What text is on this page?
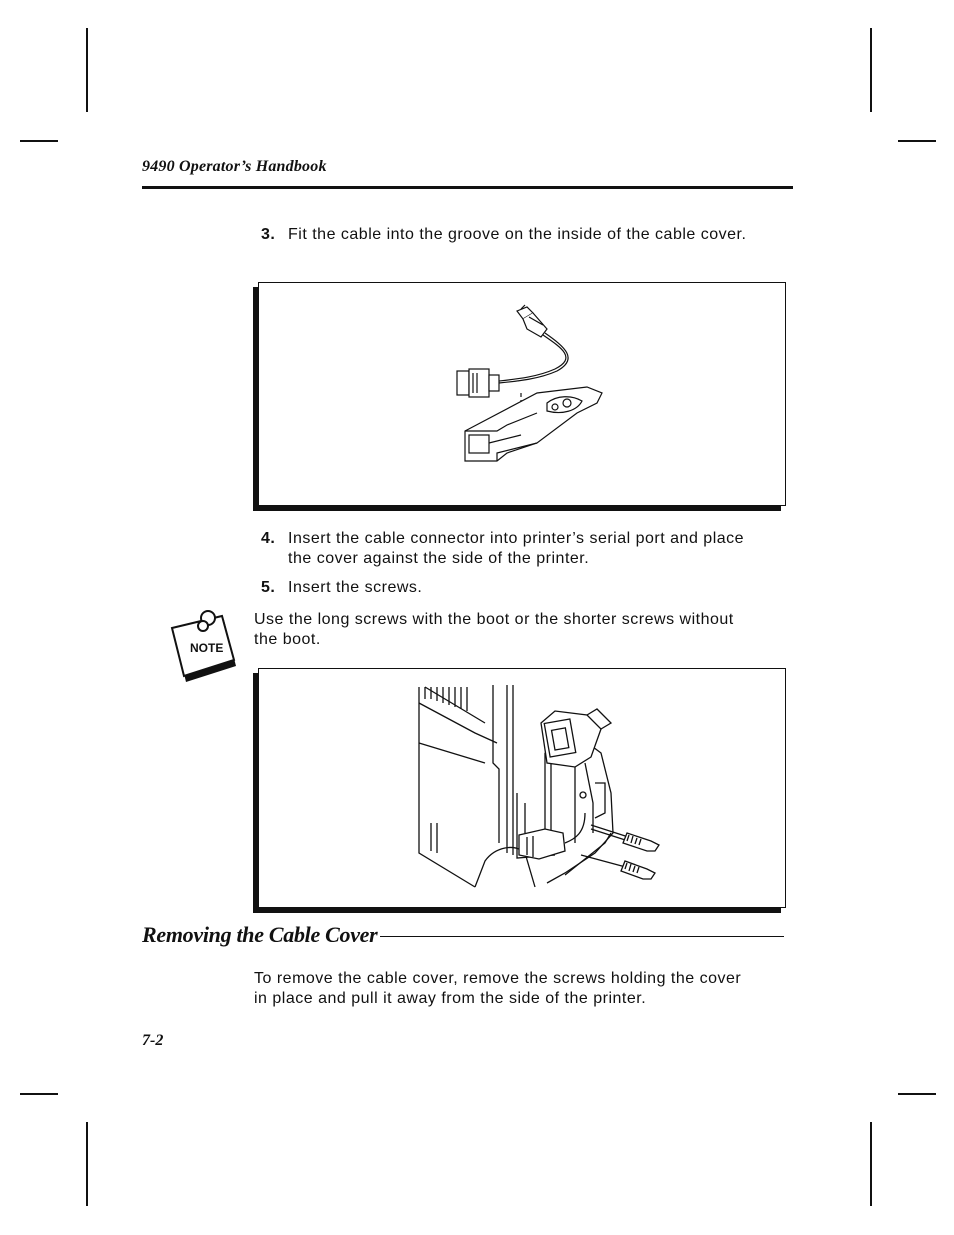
9490 Operator’s Handbook
3. Fit the cable into the groove on the inside of the cable cover.
4. Insert the cable connector into printer’s serial port and place the cover against the side of the printer.
5. Insert the screws.
NOTE
Use the long screws with the boot or the shorter screws without the boot.
Removing the Cable Cover
To remove the cable cover, remove the screws holding the cover in place and pull it away from the side of the printer.
7-2
